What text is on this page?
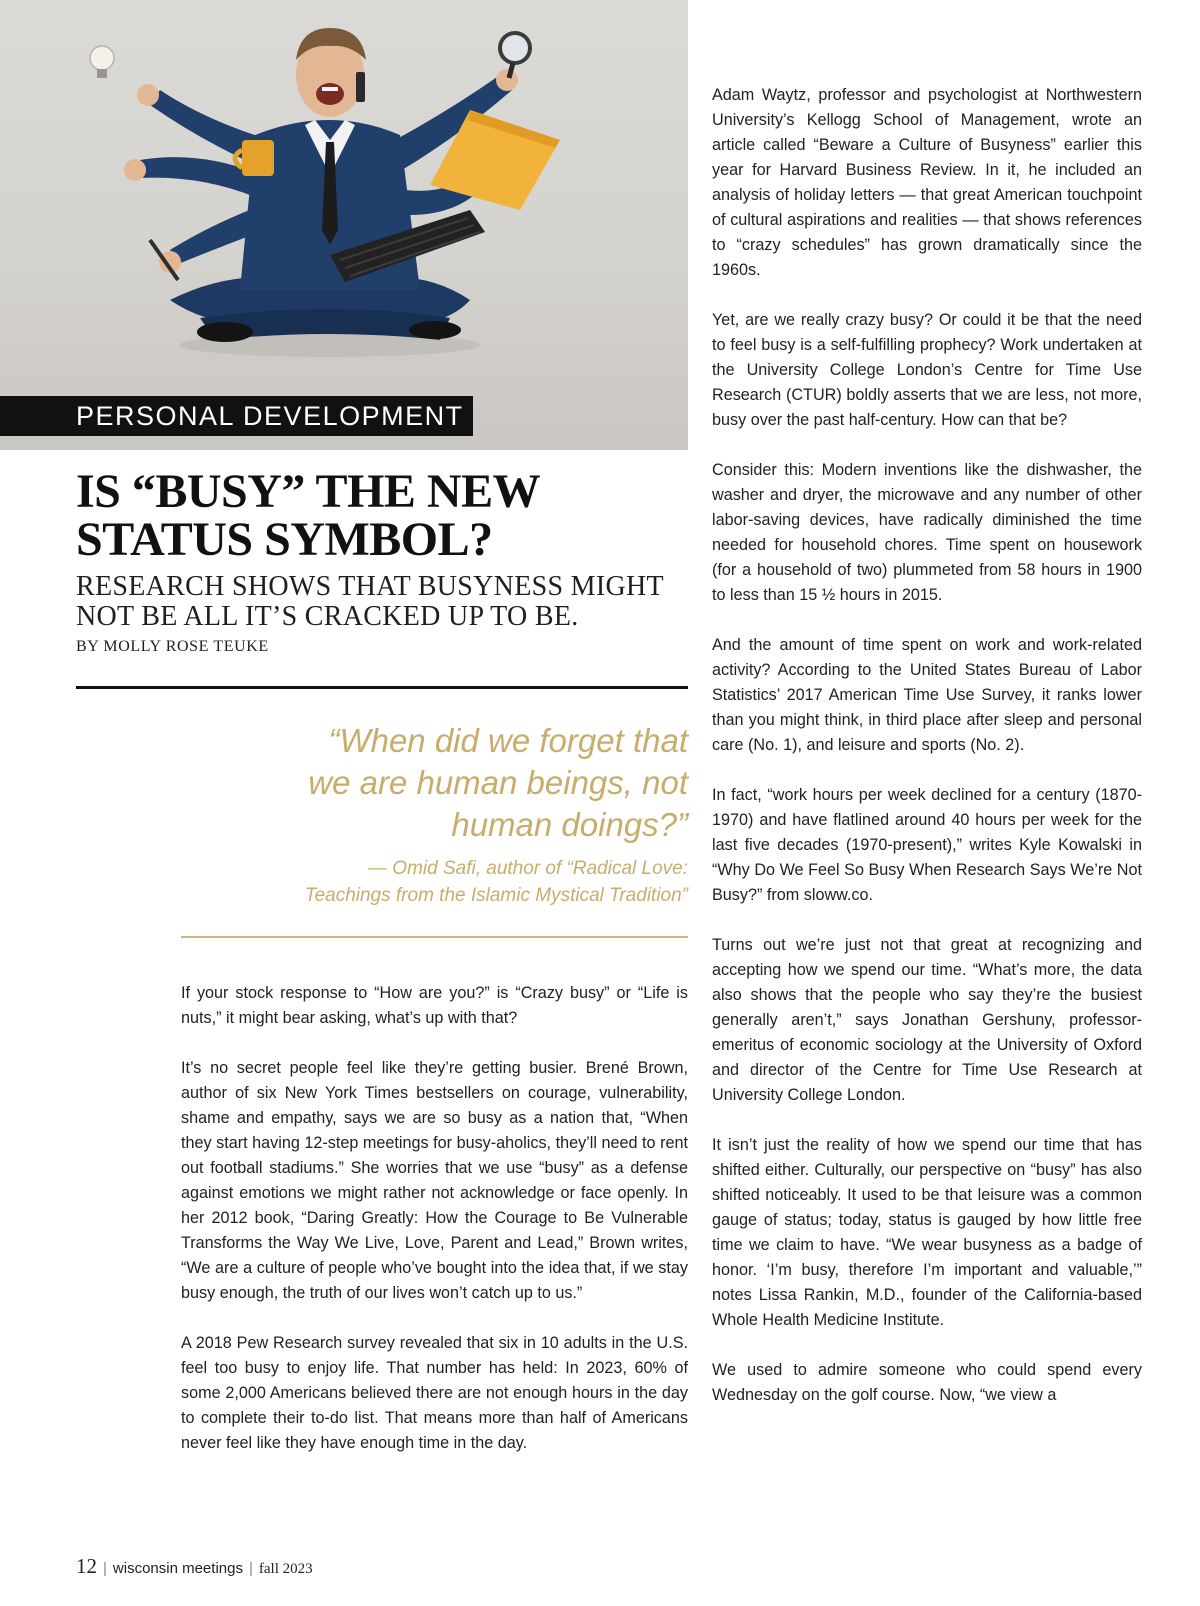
PERSONAL DEVELOPMENT
IS “BUSY” THE NEW
STATUS SYMBOL?

RESEARCH SHOWS THAT BUSYNESS MIGHT
NOT BE ALL IT’S CRACKED UP TO BE.

BY MOLLY ROSE TEUKE

“When did we forget that
we are human beings, not
human doings?”

— Omid Safi, author of “Radical Love:
Teachings from the Islamic Mystical Tradition”

If your stock response to “How are you?” is “Crazy busy” or “Life is nuts,” it might bear asking, what’s up with that?

It’s no secret people feel like they’re getting busier. Brené Brown, author of six New York Times bestsellers on courage, vulnerability, shame and empathy, says we are so busy as a nation that, “When they start having 12-step meetings for busy-aholics, they’ll need to rent out football stadiums.” She worries that we use “busy” as a defense against emotions we might rather not acknowledge or face openly. In her 2012 book, “Daring Greatly: How the Courage to Be Vulnerable Transforms the Way We Live, Love, Parent and Lead,” Brown writes, “We are a culture of people who’ve bought into the idea that, if we stay busy enough, the truth of our lives won’t catch up to us.”

A 2018 Pew Research survey revealed that six in 10 adults in the U.S. feel too busy to enjoy life. That number has held: In 2023, 60% of some 2,000 Americans believed there are not enough hours in the day to complete their to-do list. That means more than half of Americans never feel like they have enough time in the day.

Adam Waytz, professor and psychologist at Northwestern University’s Kellogg School of Management, wrote an article called “Beware a Culture of Busyness” earlier this year for Harvard Business Review. In it, he included an analysis of holiday letters — that great American touchpoint of cultural aspirations and realities — that shows references to “crazy schedules” has grown dramatically since the 1960s.

Yet, are we really crazy busy? Or could it be that the need to feel busy is a self-fulfilling prophecy? Work undertaken at the University College London’s Centre for Time Use Research (CTUR) boldly asserts that we are less, not more, busy over the past half-century. How can that be?

Consider this: Modern inventions like the dishwasher, the washer and dryer, the microwave and any number of other labor-saving devices, have radically diminished the time needed for household chores. Time spent on housework (for a household of two) plummeted from 58 hours in 1900 to less than 15 ½ hours in 2015.

And the amount of time spent on work and work-related activity? According to the United States Bureau of Labor Statistics’ 2017 American Time Use Survey, it ranks lower than you might think, in third place after sleep and personal care (No. 1), and leisure and sports (No. 2).

In fact, “work hours per week declined for a century (1870-1970) and have flatlined around 40 hours per week for the last five decades (1970-present),” writes Kyle Kowalski in “Why Do We Feel So Busy When Research Says We’re Not Busy?” from sloww.co.

Turns out we’re just not that great at recognizing and accepting how we spend our time. “What’s more, the data also shows that the people who say they’re the busiest generally aren’t,” says Jonathan Gershuny, professor-emeritus of economic sociology at the University of Oxford and director of the Centre for Time Use Research at University College London.

It isn’t just the reality of how we spend our time that has shifted either. Culturally, our perspective on “busy” has also shifted noticeably. It used to be that leisure was a common gauge of status; today, status is gauged by how little free time we claim to have. “We wear busyness as a badge of honor. ‘I’m busy, therefore I’m important and valuable,’” notes Lissa Rankin, M.D., founder of the California-based Whole Health Medicine Institute.

We used to admire someone who could spend every Wednesday on the golf course. Now, “we view a

12 | wisconsin meetings | fall 2023
